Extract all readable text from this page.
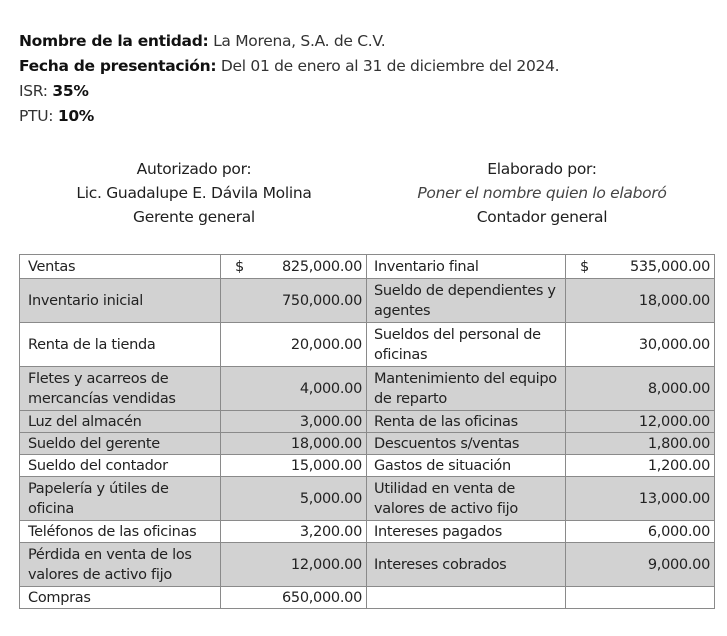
Nombre de la entidad: La Morena, S.A. de C.V.
Fecha de presentación: Del 01 de enero al 31 de diciembre del 2024.
ISR: 35%
PTU: 10%
Autorizado por:
Lic. Guadalupe E. Dávila Molina
Gerente general
Elaborado por:
Poner el nombre quien lo elaboró
Contador general
Ventas	$ 825,000.00	Inventario final	$ 535,000.00
Inventario inicial	750,000.00	Sueldo de dependientes y agentes	18,000.00
Renta de la tienda	20,000.00	Sueldos del personal de oficinas	30,000.00
Fletes y acarreos de mercancías vendidas	4,000.00	Mantenimiento del equipo de reparto	8,000.00
Luz del almacén	3,000.00	Renta de las oficinas	12,000.00
Sueldo del gerente	18,000.00	Descuentos s/ventas	1,800.00
Sueldo del contador	15,000.00	Gastos de situación	1,200.00
Papelería y útiles de oficina	5,000.00	Utilidad en venta de valores de activo fijo	13,000.00
Teléfonos de las oficinas	3,200.00	Intereses pagados	6,000.00
Pérdida en venta de los valores de activo fijo	12,000.00	Intereses cobrados	9,000.00
Compras	650,000.00		
